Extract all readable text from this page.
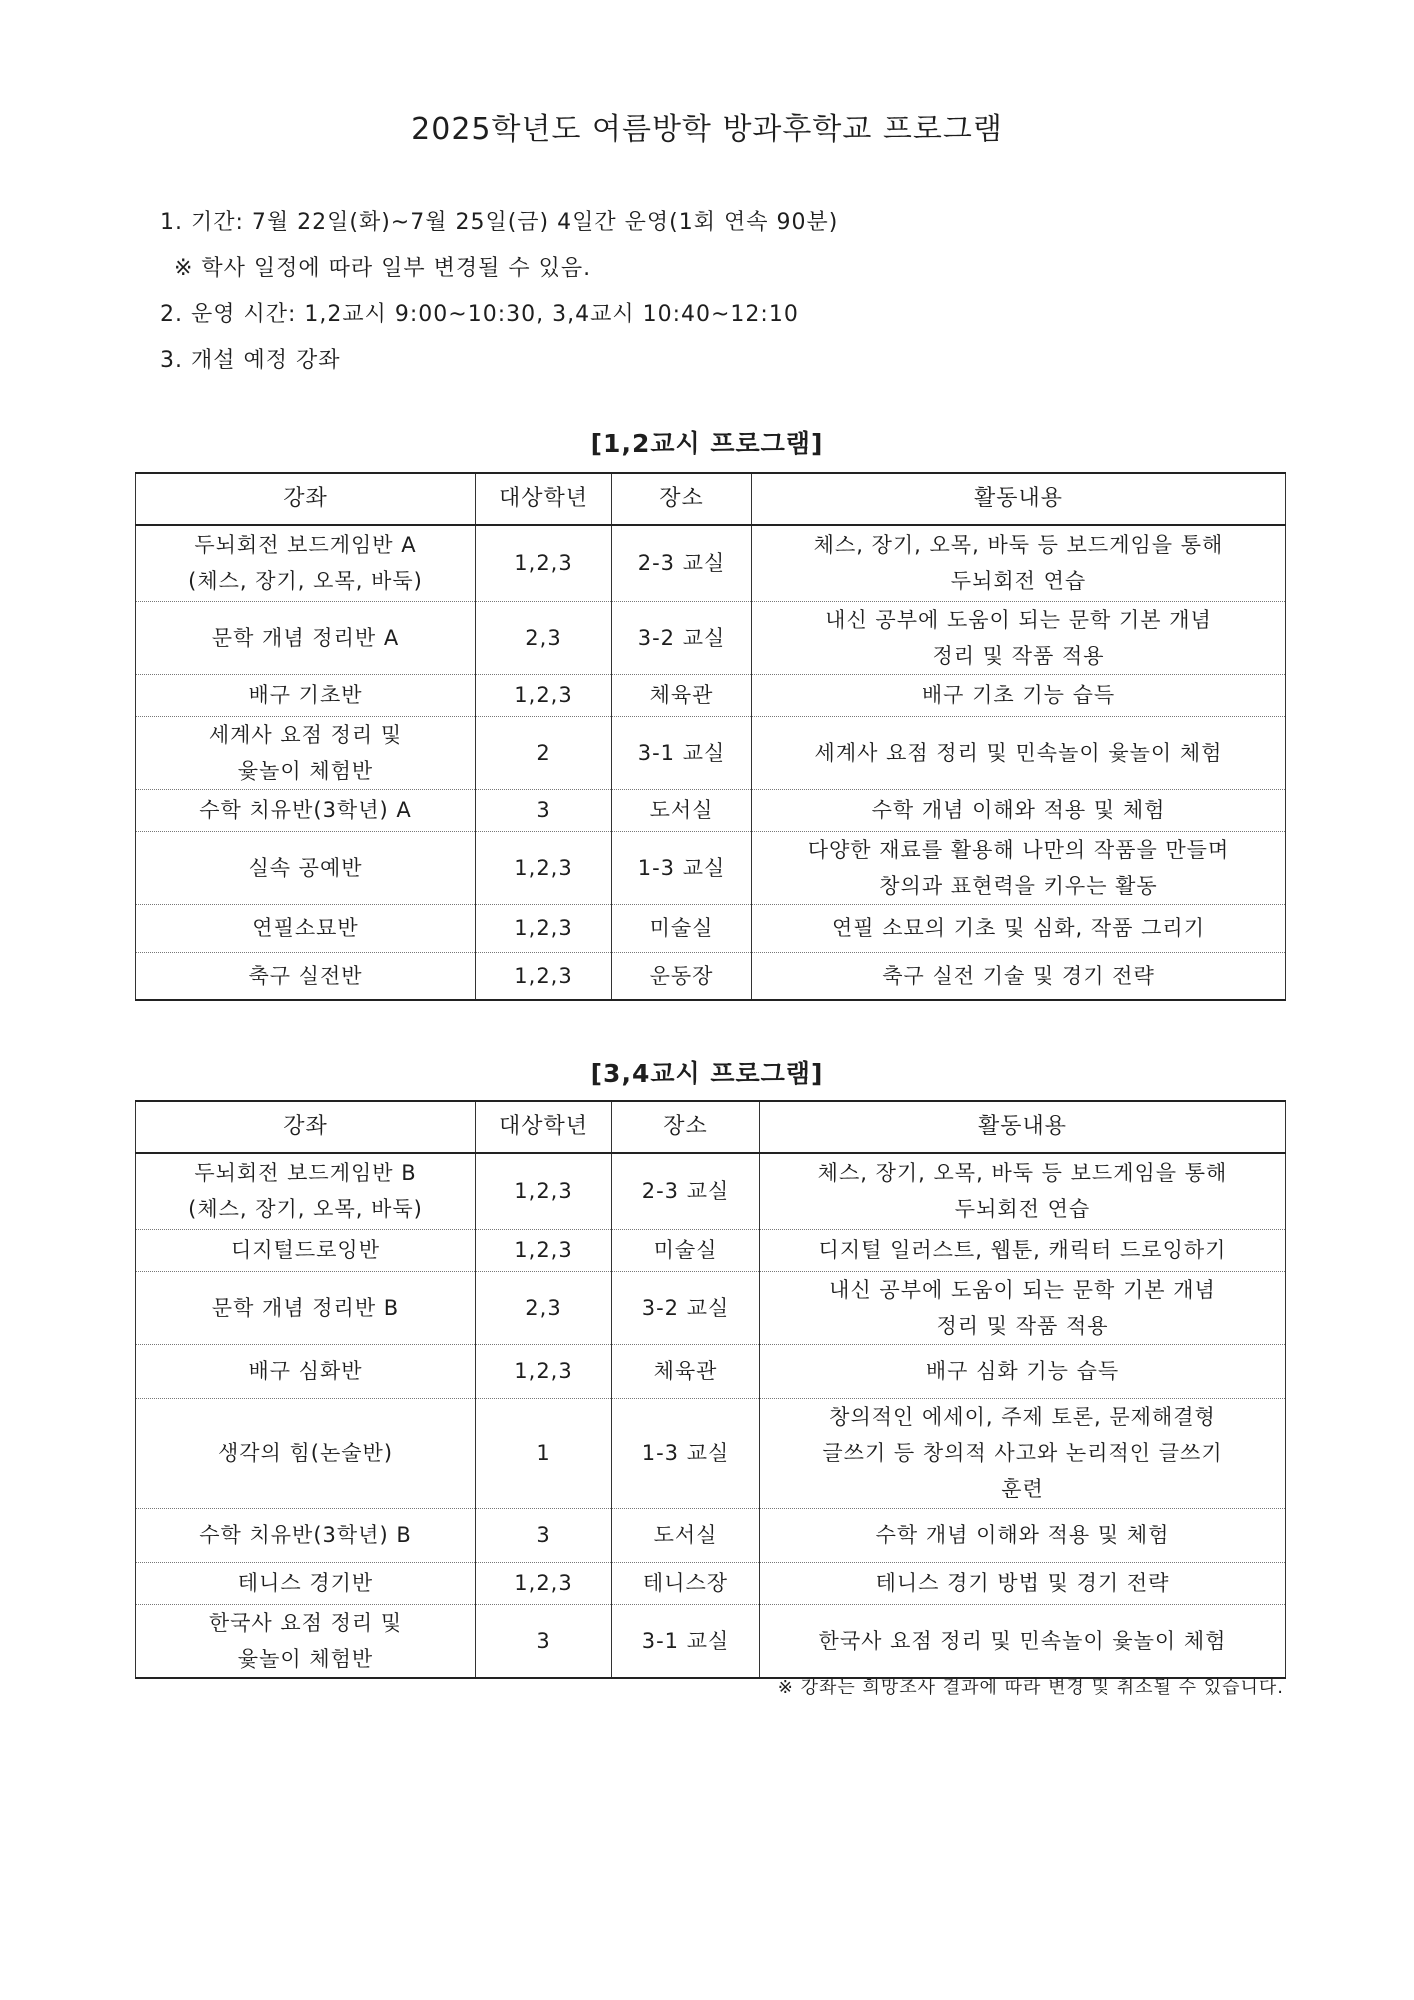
2025학년도 여름방학 방과후학교 프로그램
1. 기간: 7월 22일(화)~7월 25일(금) 4일간 운영(1회 연속 90분)
※ 학사 일정에 따라 일부 변경될 수 있음.
2. 운영 시간: 1,2교시 9:00~10:30, 3,4교시 10:40~12:10
3. 개설 예정 강좌
[1,2교시 프로그램]
강좌	대상학년	장소	활동내용
두뇌회전 보드게임반 A
(체스, 장기, 오목, 바둑)	1,2,3	2-3 교실	체스, 장기, 오목, 바둑 등 보드게임을 통해
두뇌회전 연습
문학 개념 정리반 A	2,3	3-2 교실	내신 공부에 도움이 되는 문학 기본 개념
정리 및 작품 적용
배구 기초반	1,2,3	체육관	배구 기초 기능 습득
세계사 요점 정리 및
윷놀이 체험반	2	3-1 교실	세계사 요점 정리 및 민속놀이 윷놀이 체험
수학 치유반(3학년) A	3	도서실	수학 개념 이해와 적용 및 체험
실속 공예반	1,2,3	1-3 교실	다양한 재료를 활용해 나만의 작품을 만들며
창의과 표현력을 키우는 활동
연필소묘반	1,2,3	미술실	연필 소묘의 기초 및 심화, 작품 그리기
축구 실전반	1,2,3	운동장	축구 실전 기술 및 경기 전략
[3,4교시 프로그램]
강좌	대상학년	장소	활동내용
두뇌회전 보드게임반 B
(체스, 장기, 오목, 바둑)	1,2,3	2-3 교실	체스, 장기, 오목, 바둑 등 보드게임을 통해
두뇌회전 연습
디지털드로잉반	1,2,3	미술실	디지털 일러스트, 웹툰, 캐릭터 드로잉하기
문학 개념 정리반 B	2,3	3-2 교실	내신 공부에 도움이 되는 문학 기본 개념
정리 및 작품 적용
배구 심화반	1,2,3	체육관	배구 심화 기능 습득
생각의 힘(논술반)	1	1-3 교실	창의적인 에세이, 주제 토론, 문제해결형
글쓰기 등 창의적 사고와 논리적인 글쓰기
훈련
수학 치유반(3학년) B	3	도서실	수학 개념 이해와 적용 및 체험
테니스 경기반	1,2,3	테니스장	테니스 경기 방법 및 경기 전략
한국사 요점 정리 및
윷놀이 체험반	3	3-1 교실	한국사 요점 정리 및 민속놀이 윷놀이 체험
※ 강좌는 희망조사 결과에 따라 변경 및 취소될 수 있습니다.
